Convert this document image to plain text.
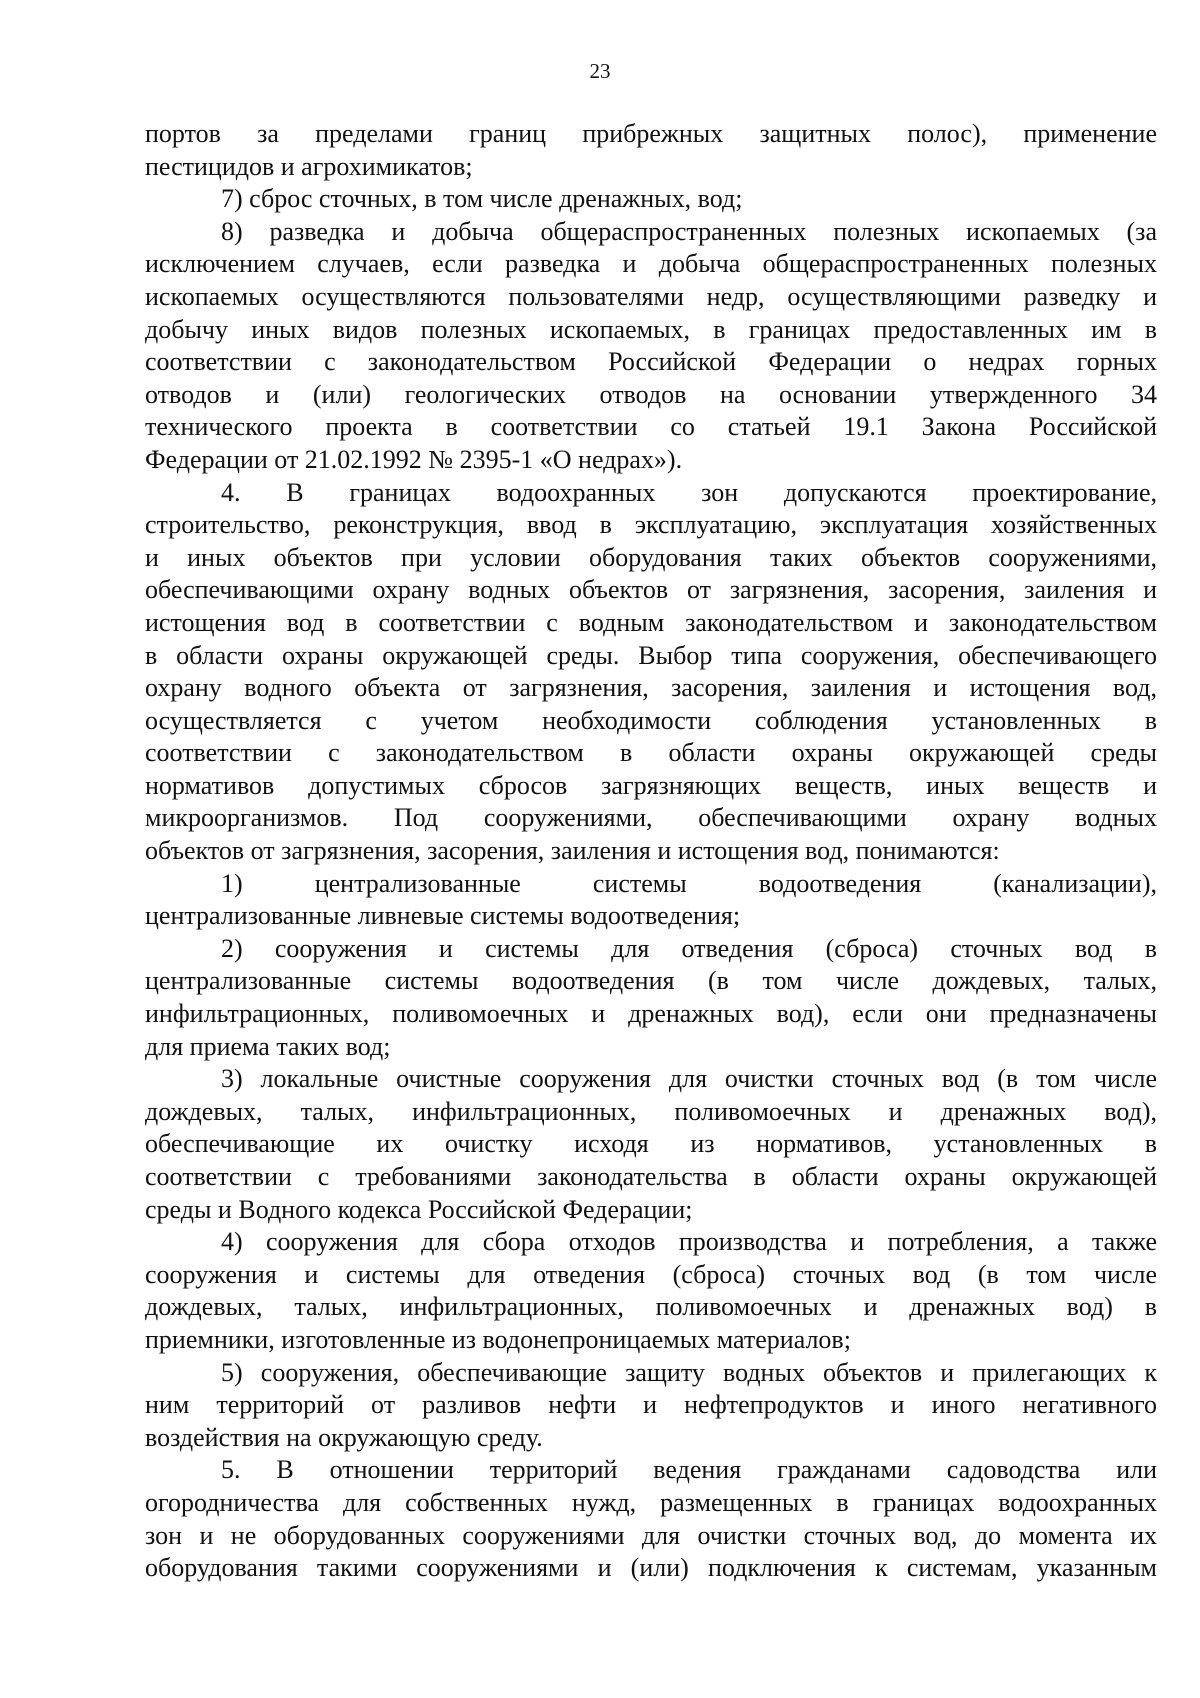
23
портов за пределами границ прибрежных защитных полос), применение
пестицидов и агрохимикатов;
7) сброс сточных, в том числе дренажных, вод;
8) разведка и добыча общераспространенных полезных ископаемых (за
исключением случаев, если разведка и добыча общераспространенных полезных
ископаемых осуществляются пользователями недр, осуществляющими разведку и
добычу иных видов полезных ископаемых, в границах предоставленных им в
соответствии с законодательством Российской Федерации о недрах горных
отводов и (или) геологических отводов на основании утвержденного 34
технического проекта в соответствии со статьей 19.1 Закона Российской
Федерации от 21.02.1992 № 2395-1 «О недрах»).
4. В границах водоохранных зон допускаются проектирование,
строительство, реконструкция, ввод в эксплуатацию, эксплуатация хозяйственных
и иных объектов при условии оборудования таких объектов сооружениями,
обеспечивающими охрану водных объектов от загрязнения, засорения, заиления и
истощения вод в соответствии с водным законодательством и законодательством
в области охраны окружающей среды. Выбор типа сооружения, обеспечивающего
охрану водного объекта от загрязнения, засорения, заиления и истощения вод,
осуществляется с учетом необходимости соблюдения установленных в
соответствии с законодательством в области охраны окружающей среды
нормативов допустимых сбросов загрязняющих веществ, иных веществ и
микроорганизмов. Под сооружениями, обеспечивающими охрану водных
объектов от загрязнения, засорения, заиления и истощения вод, понимаются:
1) централизованные системы водоотведения (канализации),
централизованные ливневые системы водоотведения;
2) сооружения и системы для отведения (сброса) сточных вод в
централизованные системы водоотведения (в том числе дождевых, талых,
инфильтрационных, поливомоечных и дренажных вод), если они предназначены
для приема таких вод;
3) локальные очистные сооружения для очистки сточных вод (в том числе
дождевых, талых, инфильтрационных, поливомоечных и дренажных вод),
обеспечивающие их очистку исходя из нормативов, установленных в
соответствии с требованиями законодательства в области охраны окружающей
среды и Водного кодекса Российской Федерации;
4) сооружения для сбора отходов производства и потребления, а также
сооружения и системы для отведения (сброса) сточных вод (в том числе
дождевых, талых, инфильтрационных, поливомоечных и дренажных вод) в
приемники, изготовленные из водонепроницаемых материалов;
5) сооружения, обеспечивающие защиту водных объектов и прилегающих к
ним территорий от разливов нефти и нефтепродуктов и иного негативного
воздействия на окружающую среду.
5. В отношении территорий ведения гражданами садоводства или
огородничества для собственных нужд, размещенных в границах водоохранных
зон и не оборудованных сооружениями для очистки сточных вод, до момента их
оборудования такими сооружениями и (или) подключения к системам, указанным
